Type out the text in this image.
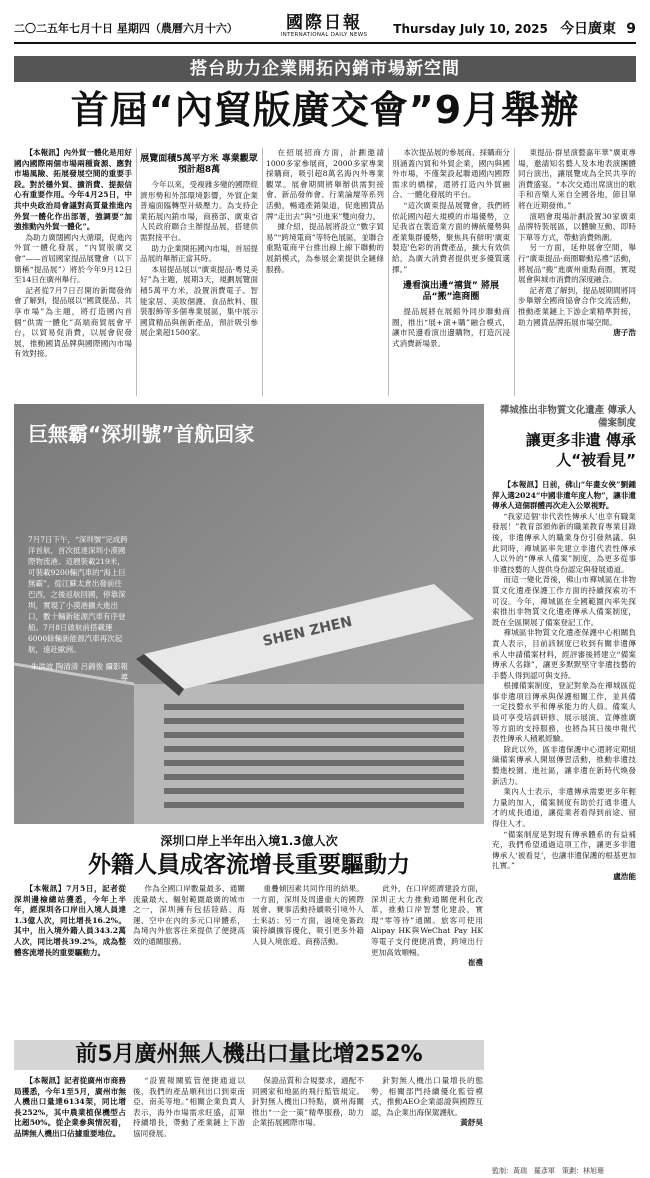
二〇二五年七月十日 星期四（農曆六月十六）	國際日報
INTERNATIONAL DAILY NEWS	Thursday July 10, 2025 今日廣東 9
搭台助力企業開拓內銷市場新空間
首屆“內貿版廣交會”9月舉辦

【本報訊】內外貿一體化是用好國內國際兩個市場兩種資源、應對市場風險、拓展發展空間的重要手段。對於穩外貿、擴消費、提振信心有重要作用。今年4月25日，中共中央政治局會議對高質量推進內外貿一體化作出部署，強調要“加強推動內外貿一體化”。

為助力廣闊國內大循環，促進內外貿一體化發展，“內貿版廣交會”——首屆國家提品展覽會（以下簡稱“提品展”）將於今年9月12日至14日在廣州舉行。

記者從7月7日召開的新聞發佈會了解到，提品展以“國貨提品、共享市場”為主題，將打造國內首個“供需一體化”高端商貿展會平台，以貿易促消費，以展會促發展，推動國貨品牌與國際國內市場有效對接。

展覽面積5萬平方米 專業觀眾預計超8萬

今年以來，受複雜多變的國際經濟形勢和外部環境影響，外貿企業普遍面臨轉型升級壓力。為支持企業拓展內銷市場，商務部、廣東省人民政府聯合主辦提品展，搭建供需對接平台。

助力企業開拓國內市場，首屆提品展的舉辦正當其時。

本屆提品展以“廣東提品·粵見美好”為主題，展期3天，規劃展覽面積5萬平方米，設置消費電子、智能家居、美妝個護、食品飲料、服裝服飾等多個專業展區，集中展示國貨精品與創新產品，預計吸引參展企業超1500家。

在招展招商方面，計劃邀請1000多家參展商，2000多家專業採購商，吸引超8萬名海內外專業觀眾。展會期間將舉辦供需對接會、新品發佈會、行業論壇等系列活動，暢通產銷渠道，促進國貨品牌“走出去”與“引進來”雙向發力。

據介紹，提品展將設立“數字貿易”“跨境電商”等特色展區，並聯合重點電商平台推出線上線下聯動的展銷模式，為參展企業提供全鏈條服務。

本次提品展的參展商、採購商分別涵蓋內貿和外貿企業，國內與國外市場，不僅架設起聯通國內國際需求的橋樑，還將打造內外貿融合、一體化發展的平台。

“這次廣東提品展覽會，我們將依託國內超大規模的市場優勢，立足我省在製造業方面的傳統優勢與產業集群優勢，聚焦具有鮮明‘廣東製造’色彩的消費產品，擴大有效供給，為廣大消費者提供更多優質選擇。”

邊看演出邊“禧貨” 將展品“搬”進商圈

提品展將在展館外同步聯動商圈，推出“展+演+購”融合模式，讓市民邊看演出邊購物，打造沉浸式消費新場景。

東提品·群星演藝嘉年華”廣東專場，邀請知名藝人及本地表演團體同台演出，讓展覽成為全民共享的消費盛宴。“本次交通出席演出的歌手和音樂人來自全國各地，節目單將在近期發佈。”

演唱會現場計劃設置30家廣東品牌特裝展區，以體驗互動、即時下單等方式，帶動消費熱潮。

另一方面，延伸展會空間，舉行“廣東提品·商圈聯動巡禮”活動，將展品“搬”進廣州重點商圈，實現展會與城市消費的深度融合。

記者還了解到，提品展期間將同步舉辦全國商協會合作交流活動，推動產業鏈上下游企業精準對接，助力國貨品牌拓展市場空間。

唐子浩
SHEN ZHEN
巨無霸“深圳號”首航回家
7月7日下午，“深圳號”完成跨洋首航，首次抵達深圳小漠國際物流港。這艘裝載219米，可裝載9200輛汽車的“海上巨無霸”，從江蘇太倉出發前往巴西，之後返航回國，停靠深圳，實現了小漠港擴大進出口，數十輛新能源汽車有序登船。7月8日啟航前搭載運6000餘輛新能源汽車再次起航，遠赴歐洲。
朱洪波 陶清清 呂錦俊 攝影報導
禪城推出非物質文化遺產 傳承人備案制度
讓更多非遺 傳承人“被看見”

【本報訊】日前，佛山“年畫女俠”劉鍾萍入選2024“中國非遺年度人物”，讓非遺傳承人這個群體再次走入公眾視野。

“我家這個‘非代表性傳承人’也幸有職業發展！”教育部頒佈新的職業教育專業目錄後，非遺傳承人的職業身份引發熱議。與此同時，禪城區率先建立非遺代表性傳承人以外的“傳承人備案”制度，為更多從事非遺技藝的人提供身份認定與發展通道。

而這一變化背後，佛山市禪城區在非物質文化遺產保護工作方面的持續探索功不可沒。今年，禪城區在全國範圍內率先探索推出非物質文化遺產傳承人備案制度，既在全區開展了備案登記工作。

禪城區非物質文化遺產保護中心相關負責人表示，目前該制度已收到有關非遺傳承人申請備案材料，經評審後將建立“備案傳承人名錄”，讓更多默默堅守非遺技藝的手藝人得到認可與支持。

根據備案制度，登記對象為在禪城區從事非遺項目傳承與保護相關工作，並具備一定技藝水平和傳承能力的人員。備案人員可享受培訓研修、展示展演、宣傳推廣等方面的支持服務，也將為其日後申報代表性傳承人積累經驗。

除此以外，區非遺保護中心還將定期組織備案傳承人開展傳習活動，推動非遺技藝進校園、進社區，讓非遺在新時代煥發新活力。

業內人士表示，非遺傳承需要更多年輕力量的加入，備案制度有助於打通非遺人才的成長通道，讓從業者看得到前途、留得住人才。

“備案制度是對現有傳承體系的有益補充，我們希望通過這項工作，讓更多非遺傳承人‘被看見’，也讓非遺保護的根基更加扎實。”

盧浩能
深圳口岸上半年出入境1.3億人次
外籍人員成客流增長重要驅動力

【本報訊】7月5日，記者從深圳邊檢總站獲悉，今年上半年，經深圳各口岸出入境人員達1.3億人次，同比增長16.2%。其中，出入境外籍人員343.2萬人次，同比增長39.2%，成為整體客流增長的重要驅動力。

作為全國口岸數量最多、通關流量最大、輻射範圍最廣的城市之一，深圳擁有包括陸路、海運、空中在內的多元口岸體系，為境內外旅客往來提供了便捷高效的通關服務。

重疊傾因素共同作用的結果。一方面，深圳及周邊重大的國際展會、賽事活動持續吸引境外人士來訪；另一方面，過境免簽政策持續擴容優化，吸引更多外籍人員入境旅遊、商務活動。

此外，在口岸經濟建設方面，深圳正大力推動通關便利化改革，推動口岸智慧化建設，實現“零等待”通關。旅客可使用Alipay HK與WeChat Pay HK等電子支付便捷消費，跨境出行更加高效順暢。

崔禮
前5月廣州無人機出口量比增252%

【本報訊】記者從廣州市商務局獲悉，今年1至5月，廣州市無人機出口量達6134架，同比增長252%，其中農業植保機型占比超50%。從企業參與情況看，品牌無人機出口佔據重要地位。

“設置報關監管便捷通道以後，我們的產品順利出口到東南亞、南美等地。”相關企業負責人表示，海外市場需求旺盛，訂單持續增長，帶動了產業鏈上下游協同發展。

保證品質和合規要求，適配不同國家和地區的飛行監管規定。針對無人機出口特點，廣州海關推出“一企一策”精準服務，助力企業拓展國際市場。

針對無人機出口量增長的態勢，相關部門持續優化監管模式，推動AEO企業認證與國際互認，為企業出海保駕護航。

黃舒昊
監制：黃瑞　羅彥軍　策劃：林旭珊
